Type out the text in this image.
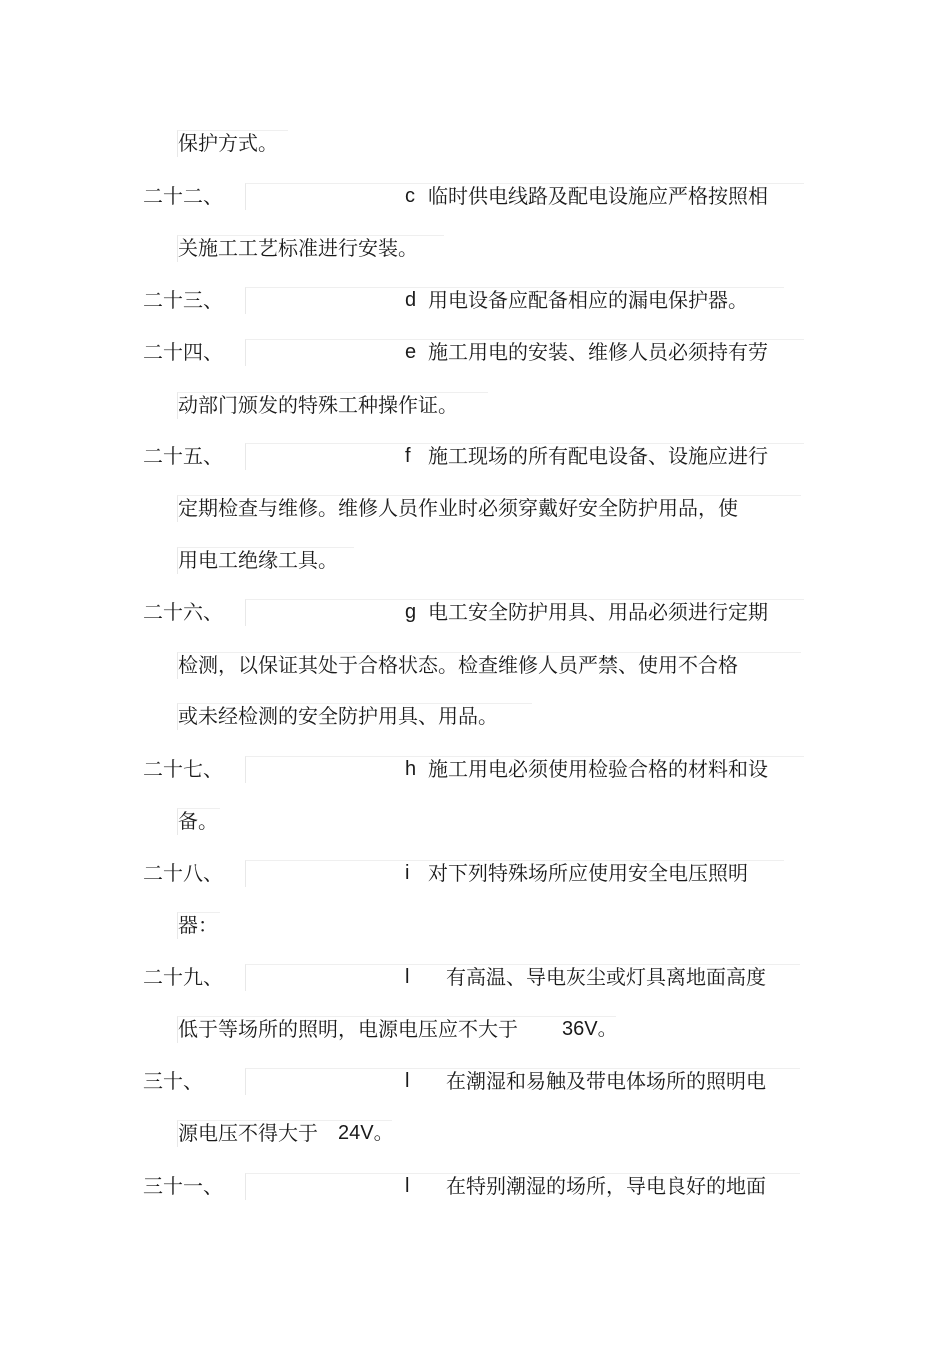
保护方式。
二十二、	c 临时供电线路及配电设施应严格按照相
关施工工艺标准进行安装。
二十三、	d 用电设备应配备相应的漏电保护器。
二十四、	e 施工用电的安装、维修人员必须持有劳
动部门颁发的特殊工种操作证。
二十五、	f 施工现场的所有配电设备、设施应进行
定期检查与维修。维修人员作业时必须穿戴好安全防护用品，使
用电工绝缘工具。
二十六、	g 电工安全防护用具、用品必须进行定期
检测，以保证其处于合格状态。检查维修人员严禁、使用不合格
或未经检测的安全防护用具、用品。
二十七、	h 施工用电必须使用检验合格的材料和设
备。
二十八、	i 对下列特殊场所应使用安全电压照明
器：
二十九、	l 有高温、导电灰尘或灯具离地面高度
低于等场所的照明，电源电压应不大于 36V。
三十、	l 在潮湿和易触及带电体场所的照明电
源电压不得大于 24V。
三十一、	l 在特别潮湿的场所，导电良好的地面
